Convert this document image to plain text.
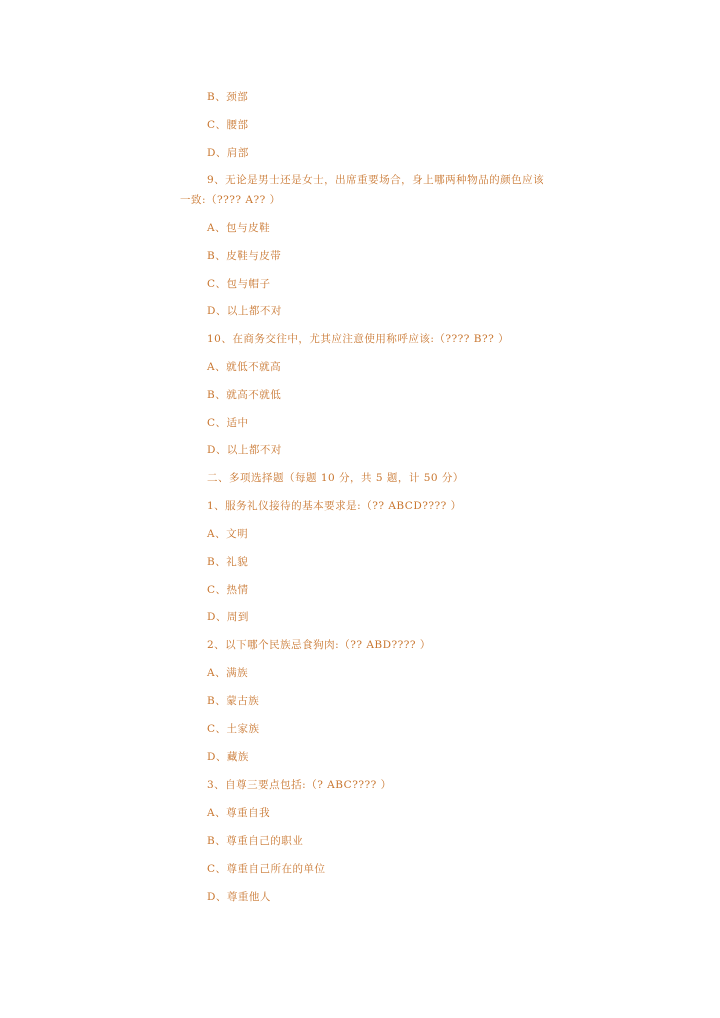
B、颈部
C、腰部
D、肩部
9、无论是男士还是女士，出席重要场合，身上哪两种物品的颜色应该
一致:（???? A?? ）
A、包与皮鞋
B、皮鞋与皮带
C、包与帽子
D、以上都不对
10、在商务交往中，尤其应注意使用称呼应该:（???? B?? ）
A、就低不就高
B、就高不就低
C、适中
D、以上都不对
二、多项选择题（每题 10 分，共 5 题，计 50 分）
1、服务礼仪接待的基本要求是:（?? ABCD???? ）
A、文明
B、礼貌
C、热情
D、周到
2、以下哪个民族忌食狗肉:（?? ABD???? ）
A、满族
B、蒙古族
C、土家族
D、藏族
3、自尊三要点包括:（? ABC???? ）
A、尊重自我
B、尊重自己的职业
C、尊重自己所在的单位
D、尊重他人
